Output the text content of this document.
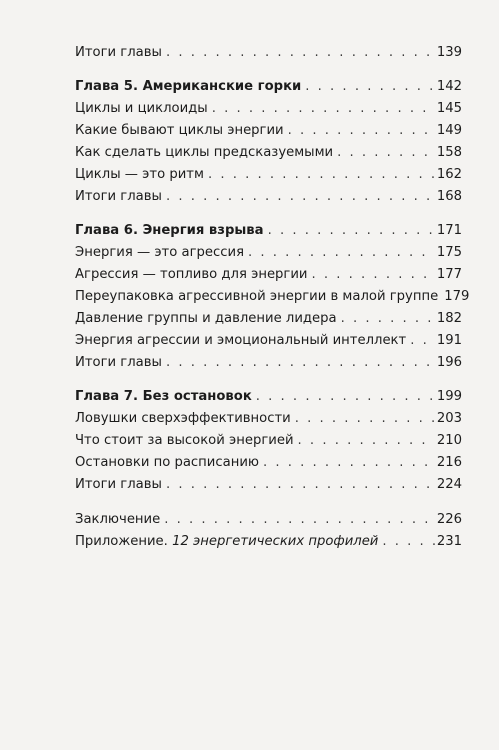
Итоги главы . . .	139
Глава 5. Американские горки . . .	142
Циклы и циклоиды . . .	145
Какие бывают циклы энергии . . .	149
Как сделать циклы предсказуемыми . . .	158
Циклы — это ритм . . .	162
Итоги главы . . .	168
Глава 6. Энергия взрыва . . .	171
Энергия — это агрессия . . .	175
Агрессия — топливо для энергии . . .	177
Переупаковка агрессивной энергии в малой группе 179
Давление группы и давление лидера . . .	182
Энергия агрессии и эмоциональный интеллект . . . 191
Итоги главы . . .	196
Глава 7. Без остановок . . .	199
Ловушки сверхэффективности . . .	203
Что стоит за высокой энергией . . .	210
Остановки по расписанию . . .	216
Итоги главы . . .	224
Заключение . . .	226
Приложение. 12 энергетических профилей . . .	231
